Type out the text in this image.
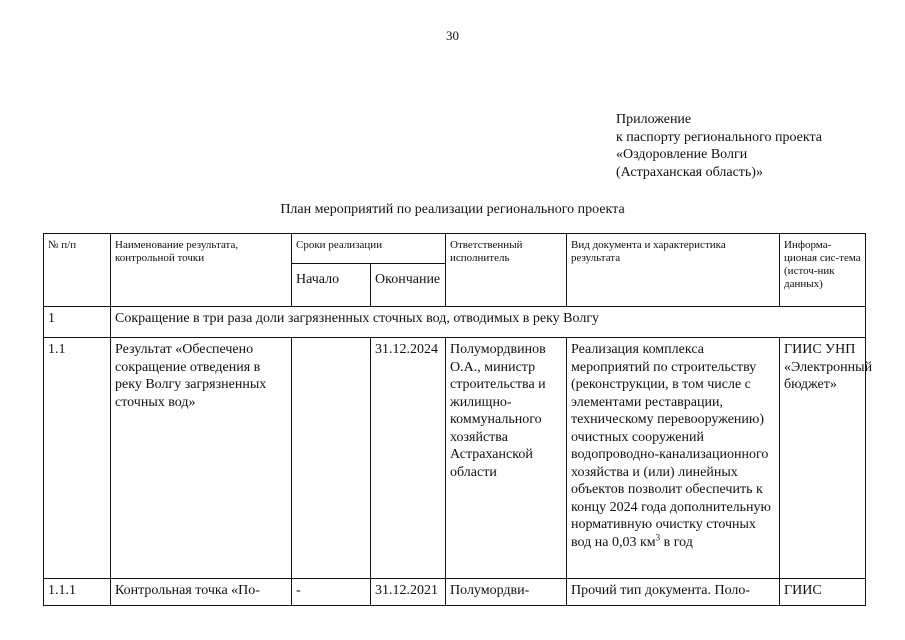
30
Приложение
к паспорту регионального проекта
«Оздоровление Волги
(Астраханская область)»
План мероприятий по реализации регионального проекта
№ п/п	Наименование результата, контрольной точки	Сроки реализации		Ответственный исполнитель	Вид документа и характеристика результата	Информа-ционая сис-тема (источ-ник данных)
		Начало	Окончание			
1	Сокращение в три раза доли загрязненных сточных вод, отводимых в реку Волгу					
1.1	Результат «Обеспечено сокращение отведения в реку Волгу загрязненных сточных вод»		31.12.2024	Полумордвинов О.А., министр строительства и жилищно-коммунального хозяйства Астраханской области	Реализация комплекса мероприятий по строительству (реконструкции, в том числе с элементами реставрации, техническому перевооружению) очистных сооружений водопроводно-канализационного хозяйства и (или) линейных объектов позволит обеспечить к концу 2024 года дополнительную нормативную очистку сточных вод на 0,03 $км^3$ в год	ГИИС УНП «Электронный бюджет»
1.1.1	Контрольная точка «По-	-	31.12.2021	Полумордви-	Прочий тип документа. Поло-	ГИИС
